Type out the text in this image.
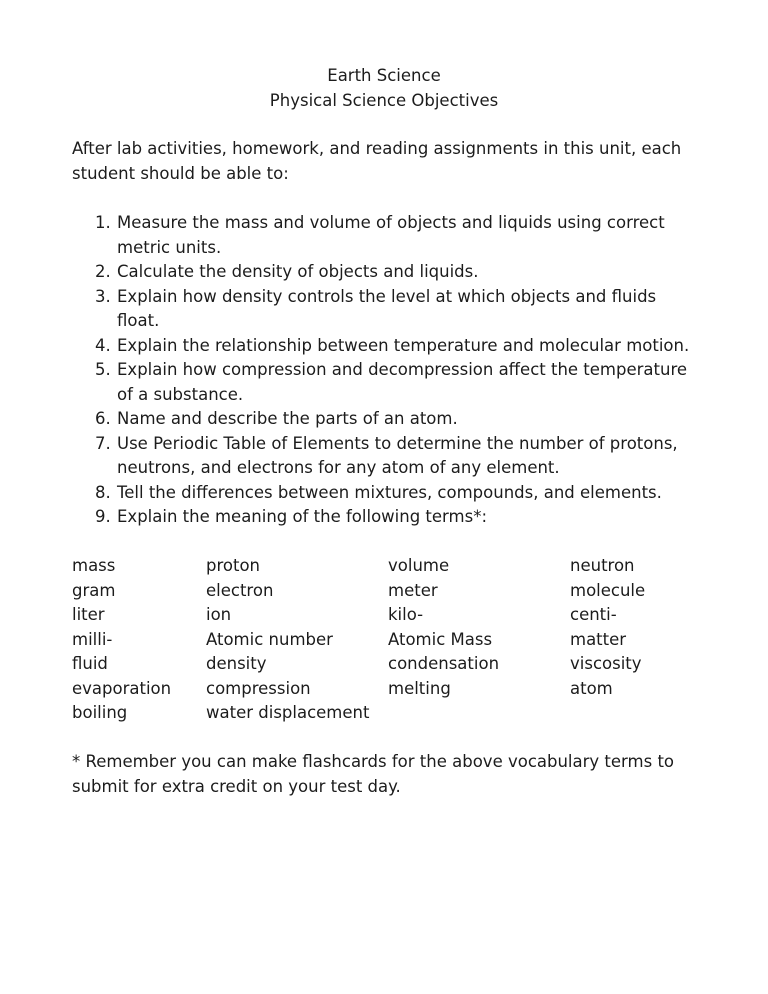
Earth Science
Physical Science Objectives
After lab activities, homework, and reading assignments in this unit, each
student should be able to:
1. Measure the mass and volume of objects and liquids using correct
metric units.
2. Calculate the density of objects and liquids.
3. Explain how density controls the level at which objects and fluids
float.
4. Explain the relationship between temperature and molecular motion.
5. Explain how compression and decompression affect the temperature
of a substance.
6. Name and describe the parts of an atom.
7. Use Periodic Table of Elements to determine the number of protons,
neutrons, and electrons for any atom of any element.
8. Tell the differences between mixtures, compounds, and elements.
9. Explain the meaning of the following terms*:
mass	proton	volume	neutron
gram	electron	meter	molecule
liter	ion	kilo-	centi-
milli-	Atomic number	Atomic Mass	matter
fluid	density	condensation	viscosity
evaporation	compression	melting	atom
boiling	water displacement
* Remember you can make flashcards for the above vocabulary terms to
submit for extra credit on your test day.
